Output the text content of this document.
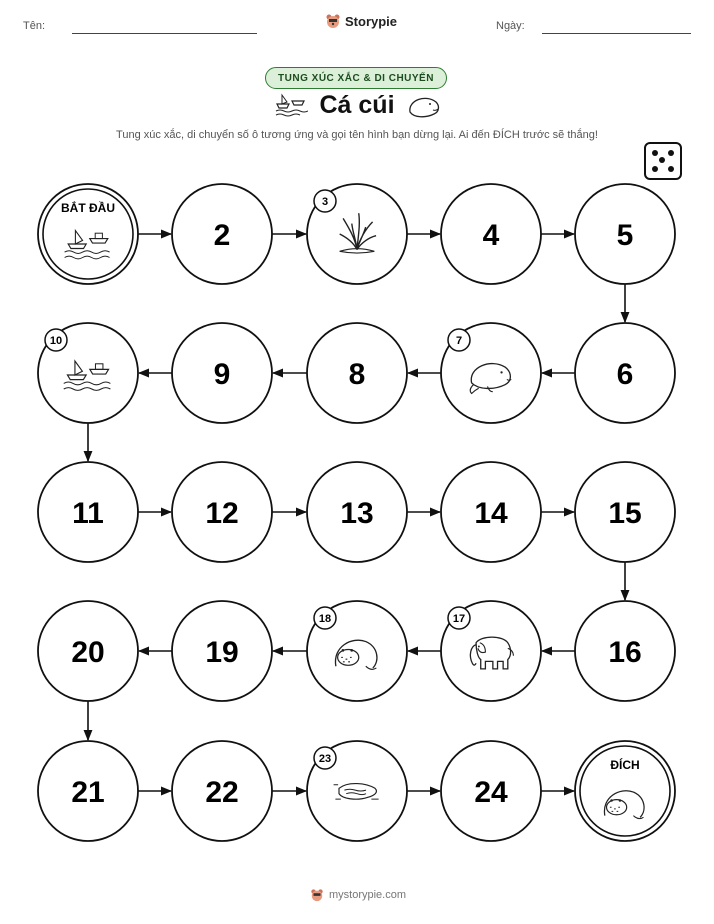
Tên:	Storypie	Ngày:
TUNG XÚC XẮC & DI CHUYỂN
Cá cúi
Tung xúc xắc, di chuyển số ô tương ứng và gọi tên hình bạn dừng lại. Ai đến ĐÍCH trước sẽ thắng!
BẮT ĐẦU
2
3
4	5
6
7
8
9
10
11	12	13	14	15
16
17
18
19
20
21	22
23
24
ĐÍCH
mystorypie.com
